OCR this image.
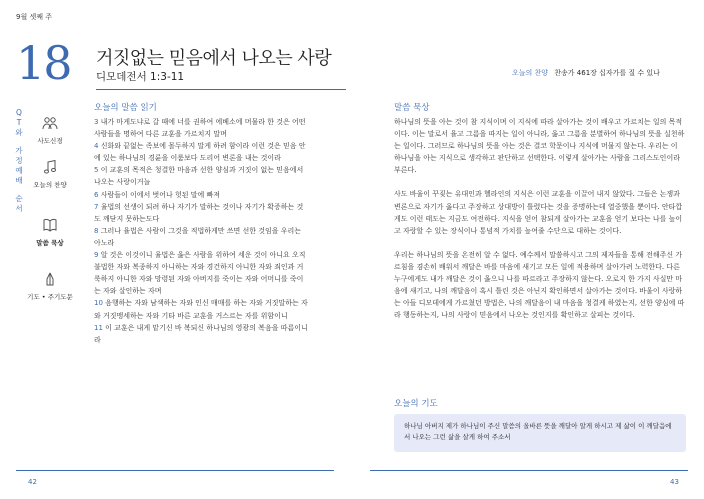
9월 셋째 주
18 거짓없는 믿음에서 나오는 사랑
디모데전서 1:3-11	오늘의 찬양 찬송가 461장 십자가를 질 수 있나
Q
T
와
가
정
예
배
순
서
사도신경
오늘의 찬양
말씀 묵상
기도 • 주기도문
오늘의 말씀 읽기
3 내가 마게도냐로 갈 때에 너를 권하여 에베소에 머물라 한 것은 어떤 사람들을 명하여 다른 교훈을 가르치지 말며
4 신화와 끝없는 족보에 몰두하지 말게 하려 함이라 이런 것은 믿음 안에 있는 하나님의 경륜을 이룸보다 도리어 변론을 내는 것이라
5 이 교훈의 목적은 청결한 마음과 선한 양심과 거짓이 없는 믿음에서 나오는 사랑이거늘
6 사람들이 이에서 벗어나 헛된 말에 빠져
7 율법의 선생이 되려 하나 자기가 말하는 것이나 자기가 확증하는 것도 깨닫지 못하는도다
8 그러나 율법은 사람이 그것을 적법하게만 쓰면 선한 것임을 우리는 아노라
9 알 것은 이것이니 율법은 옳은 사람을 위하여 세운 것이 아니요 오직 불법한 자와 복종하지 아니하는 자와 경건하지 아니한 자와 죄인과 거룩하지 아니한 자와 망령된 자와 아버지를 죽이는 자와 어머니를 죽이는 자와 살인하는 자며
10 음행하는 자와 남색하는 자와 인신 매매를 하는 자와 거짓말하는 자와 거짓맹세하는 자와 기타 바른 교훈을 거스르는 자를 위함이니
11 이 교훈은 내게 맡기신 바 복되신 하나님의 영광의 복음을 따름이니라
말씀 묵상

하나님의 뜻을 아는 것이 참 지식이며 이 지식에 따라 살아가는 것이 배우고 가르치는 일의 목적이다. 이는 말로서 율고 그름을 따지는 일이 아니라, 옳고 그름을 분별하여 하나님의 뜻을 실천하는 일이다. 그러므로 하나님의 뜻을 아는 것은 결코 학문이나 지식에 머물지 않는다. 우리는 이 하나님을 아는 지식으로 생각하고 판단하고 선택한다. 이렇게 살아가는 사람을 그리스도인이라 부른다.

사도 바울이 꾸짖는 유대인과 헬라인의 지식은 이런 교훈을 이끌어 내지 않았다. 그들은 논쟁과 변론으로 자기가 옳다고 주장하고 상대방이 틀렸다는 것을 증명하는데 열중했을 뿐이다. 안타깝게도 이런 태도는 지금도 여전하다. 지식을 얻어 참되게 살아가는 교훈을 얻기 보다는 나를 높이고 자랑할 수 있는 장식이나 통념적 가치를 높여줄 수단으로 대하는 것이다.

우리는 하나님의 뜻을 온전히 알 수 없다. 예수께서 말씀하시고 그의 제자들을 통해 전해주신 가르침을 겸손히 배워서 깨달은 바를 마음에 새기고 모든 일에 적용하며 살아가려 노력한다. 다른 누구에게도 내가 깨달은 것이 옳으니 나를 따르라고 주장하지 않는다. 오로지 한 가지 사실만 마음에 새기고, 나의 깨달음이 혹시 틀린 것은 아닌지 확인하면서 살아가는 것이다. 바울이 사랑하는 아들 디모데에게 가르쳤던 방법은, 나의 깨달음이 내 마음을 청결케 하였는지, 선한 양심에 따라 행동하는지, 나의 사랑이 믿음에서 나오는 것인지를 확인하고 살피는 것이다.

오늘의 기도
하나님 아버지 제가 하나님이 주신 말씀의 올바른 뜻을 깨달아 알게 하시고 제 삶이 이 깨달음에서 나오는 그런 삶을 살게 하여 주소서
42	43
